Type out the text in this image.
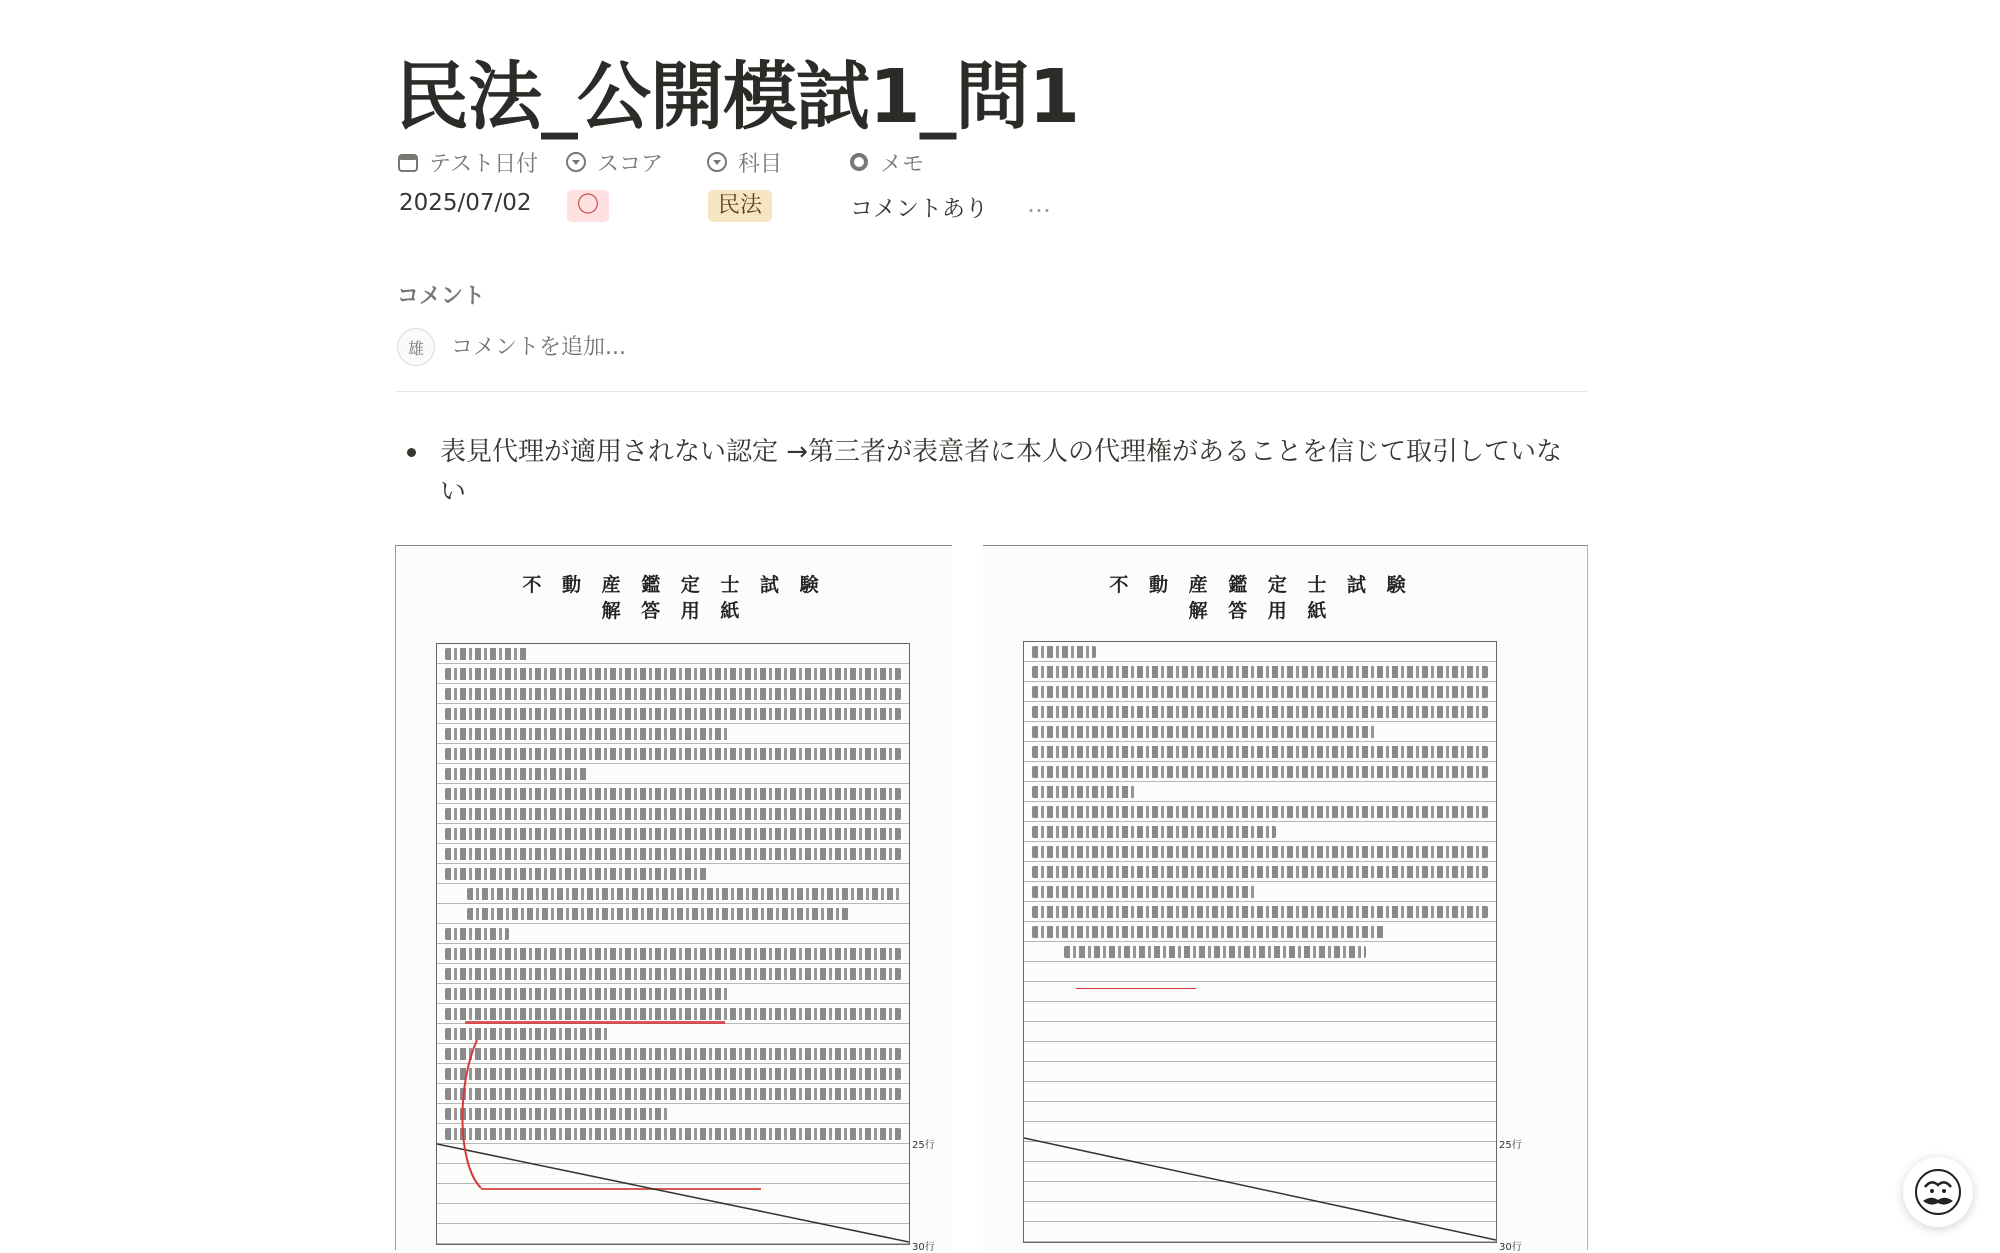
民法_公開模試1_問1
テスト日付
2025/07/02
スコア
〇
科目
民法
メモ
コメントあり …
コメント
雄
コメントを追加...
表見代理が適用されない認定 →第三者が表意者に本人の代理権があることを信じて取引していない
不 動 産 鑑 定 士 試 験
解 答 用 紙
25行
30行
不 動 産 鑑 定 士 試 験
解 答 用 紙
25行
30行
